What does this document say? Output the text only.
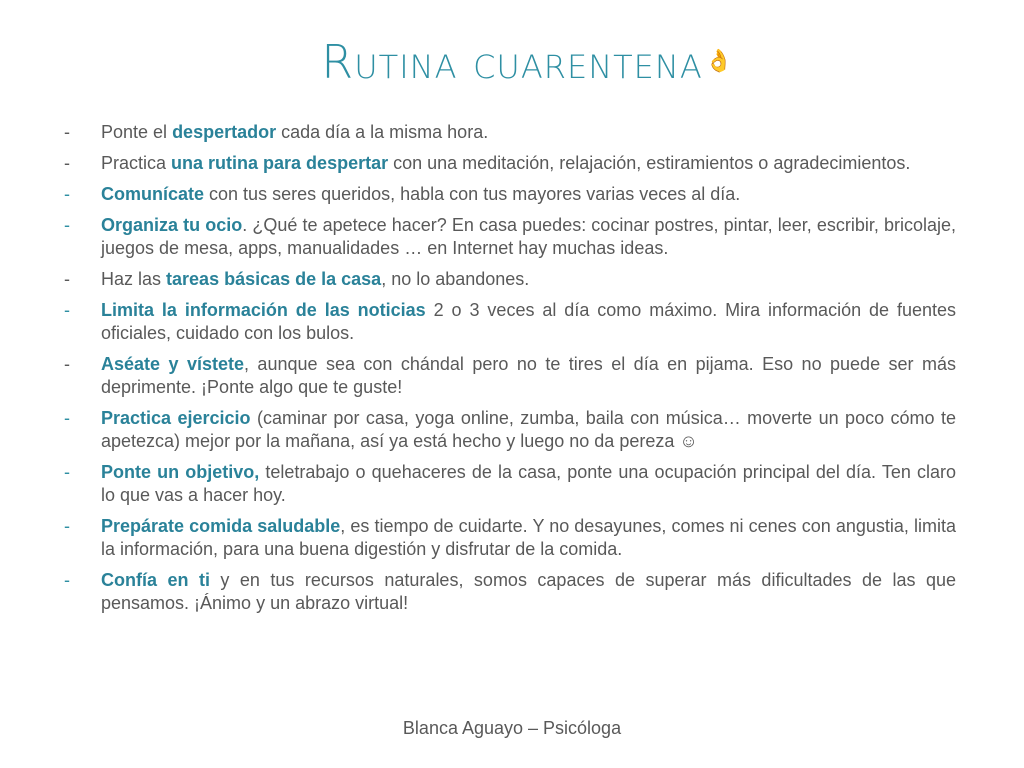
Rutina cuarentena 👌
-	Ponte el despertador cada día a la misma hora.
-	Practica una rutina para despertar con una meditación, relajación, estiramientos o agradecimientos.
-	Comunícate con tus seres queridos, habla con tus mayores varias veces al día.
-	Organiza tu ocio. ¿Qué te apetece hacer? En casa puedes: cocinar postres, pintar, leer, escribir, bricolaje, juegos de mesa, apps, manualidades … en Internet hay muchas ideas.
-	Haz las tareas básicas de la casa, no lo abandones.
-	Limita la información de las noticias 2 o 3 veces al día como máximo. Mira información de fuentes oficiales, cuidado con los bulos.
-	Aséate y vístete, aunque sea con chándal pero no te tires el día en pijama. Eso no puede ser más deprimente. ¡Ponte algo que te guste!
-	Practica ejercicio (caminar por casa, yoga online, zumba, baila con música… moverte un poco cómo te apetezca) mejor por la mañana, así ya está hecho y luego no da pereza ☺
-	Ponte un objetivo, teletrabajo o quehaceres de la casa, ponte una ocupación principal del día. Ten claro lo que vas a hacer hoy.
-	Prepárate comida saludable, es tiempo de cuidarte. Y no desayunes, comes ni cenes con angustia, limita la información, para una buena digestión y disfrutar de la comida.
-	Confía en ti y en tus recursos naturales, somos capaces de superar más dificultades de las que pensamos. ¡Ánimo y un abrazo virtual!
Blanca Aguayo – Psicóloga
